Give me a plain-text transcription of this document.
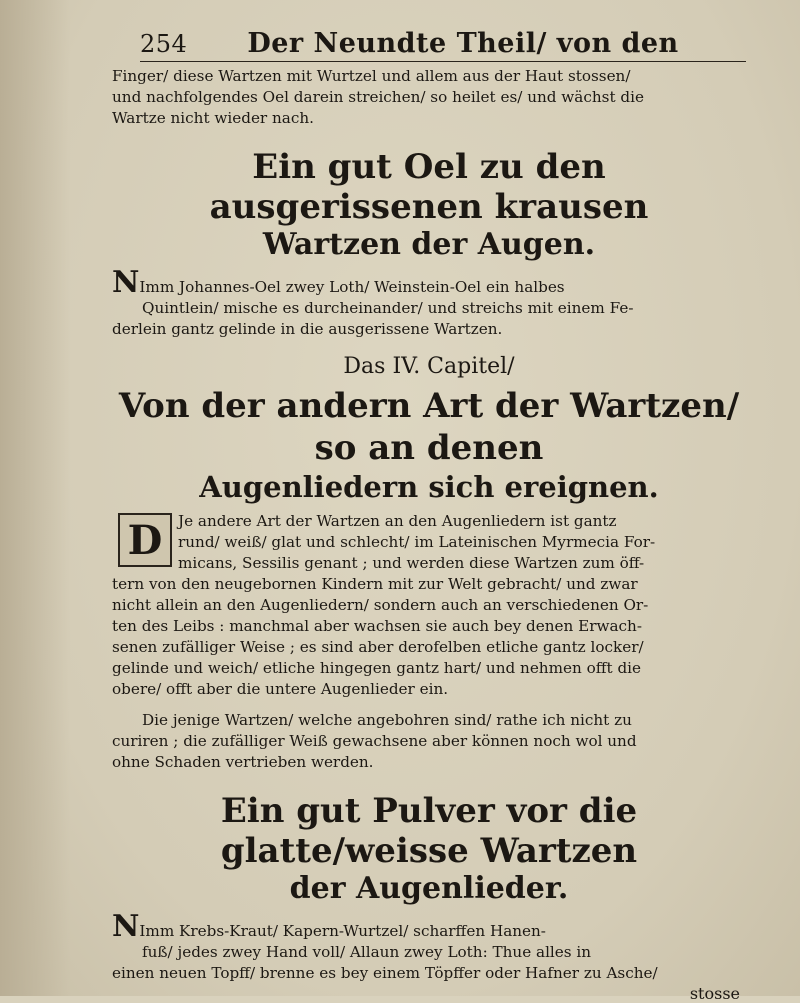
254 Der Neundte Theil/ von den

Finger/ diese Wartzen mit Wurtzel und allem aus der Haut stossen/
und nachfolgendes Oel darein streichen/ so heilet es/ und wächst die
Wartze nicht wieder nach.

Ein gut Oel zu den ausgerissenen krausen
Wartzen der Augen.

NImm Johannes-Oel zwey Loth/ Weinstein-Oel ein halbes
Quintlein/ mische es durcheinander/ und streichs mit einem Fe-
derlein gantz gelinde in die ausgerissene Wartzen.

Das IV. Capitel/
Von der andern Art der Wartzen/ so an denen
Augenliedern sich ereignen.

D	Je andere Art der Wartzen an den Augenliedern ist gantz
rund/ weiß/ glat und schlecht/ im Lateinischen Myrmecia For-
micans, Sessilis genant ; und werden diese Wartzen zum öff-
tern von den neugebornen Kindern mit zur Welt gebracht/ und zwar
nicht allein an den Augenliedern/ sondern auch an verschiedenen Or-
ten des Leibs : manchmal aber wachsen sie auch bey denen Erwach-
senen zufälliger Weise ; es sind aber derofelben etliche gantz locker/
gelinde und weich/ etliche hingegen gantz hart/ und nehmen offt die
obere/ offt aber die untere Augenlieder ein.

Die jenige Wartzen/ welche angebohren sind/ rathe ich nicht zu
curiren ; die zufälliger Weiß gewachsene aber können noch wol und
ohne Schaden vertrieben werden.

Ein gut Pulver vor die glatte/weisse Wartzen
der Augenlieder.

NImm Krebs-Kraut/ Kapern-Wurtzel/ scharffen Hanen-
fuß/ jedes zwey Hand voll/ Allaun zwey Loth: Thue alles in
einen neuen Topff/ brenne es bey einem Töpffer oder Hafner zu Asche/

stosse
